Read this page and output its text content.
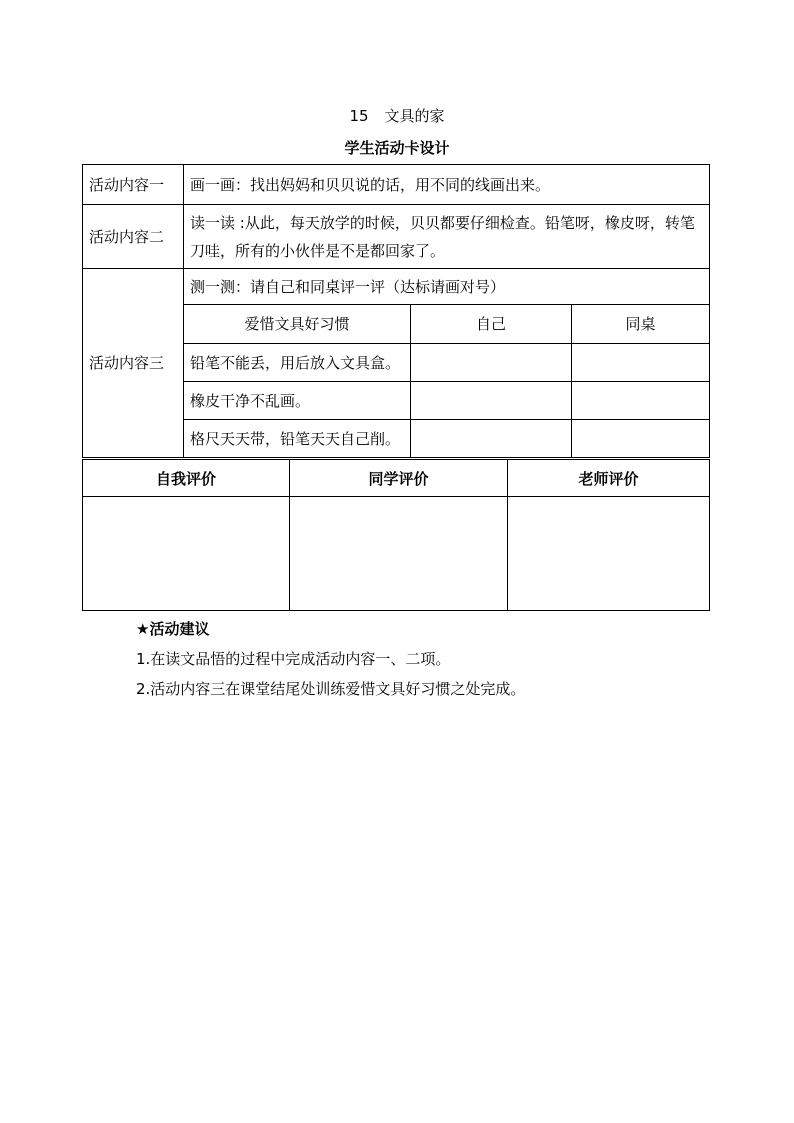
15 文具的家
学生活动卡设计
活动内容一	画一画：找出妈妈和贝贝说的话，用不同的线画出来。		
活动内容二	读一读 :从此，每天放学的时候，贝贝都要仔细检查。铅笔呀，橡皮呀，转笔刀哇，所有的小伙伴是不是都回家了。		
活动内容三	测一测：请自己和同桌评一评（达标请画对号）		
	爱惜文具好习惯	自己	同桌
	铅笔不能丢，用后放入文具盒。		
	橡皮干净不乱画。		
	格尺天天带，铅笔天天自己削。		
自我评价	同学评价	老师评价

★活动建议
1.在读文品悟的过程中完成活动内容一、二项。
2.活动内容三在课堂结尾处训练爱惜文具好习惯之处完成。
